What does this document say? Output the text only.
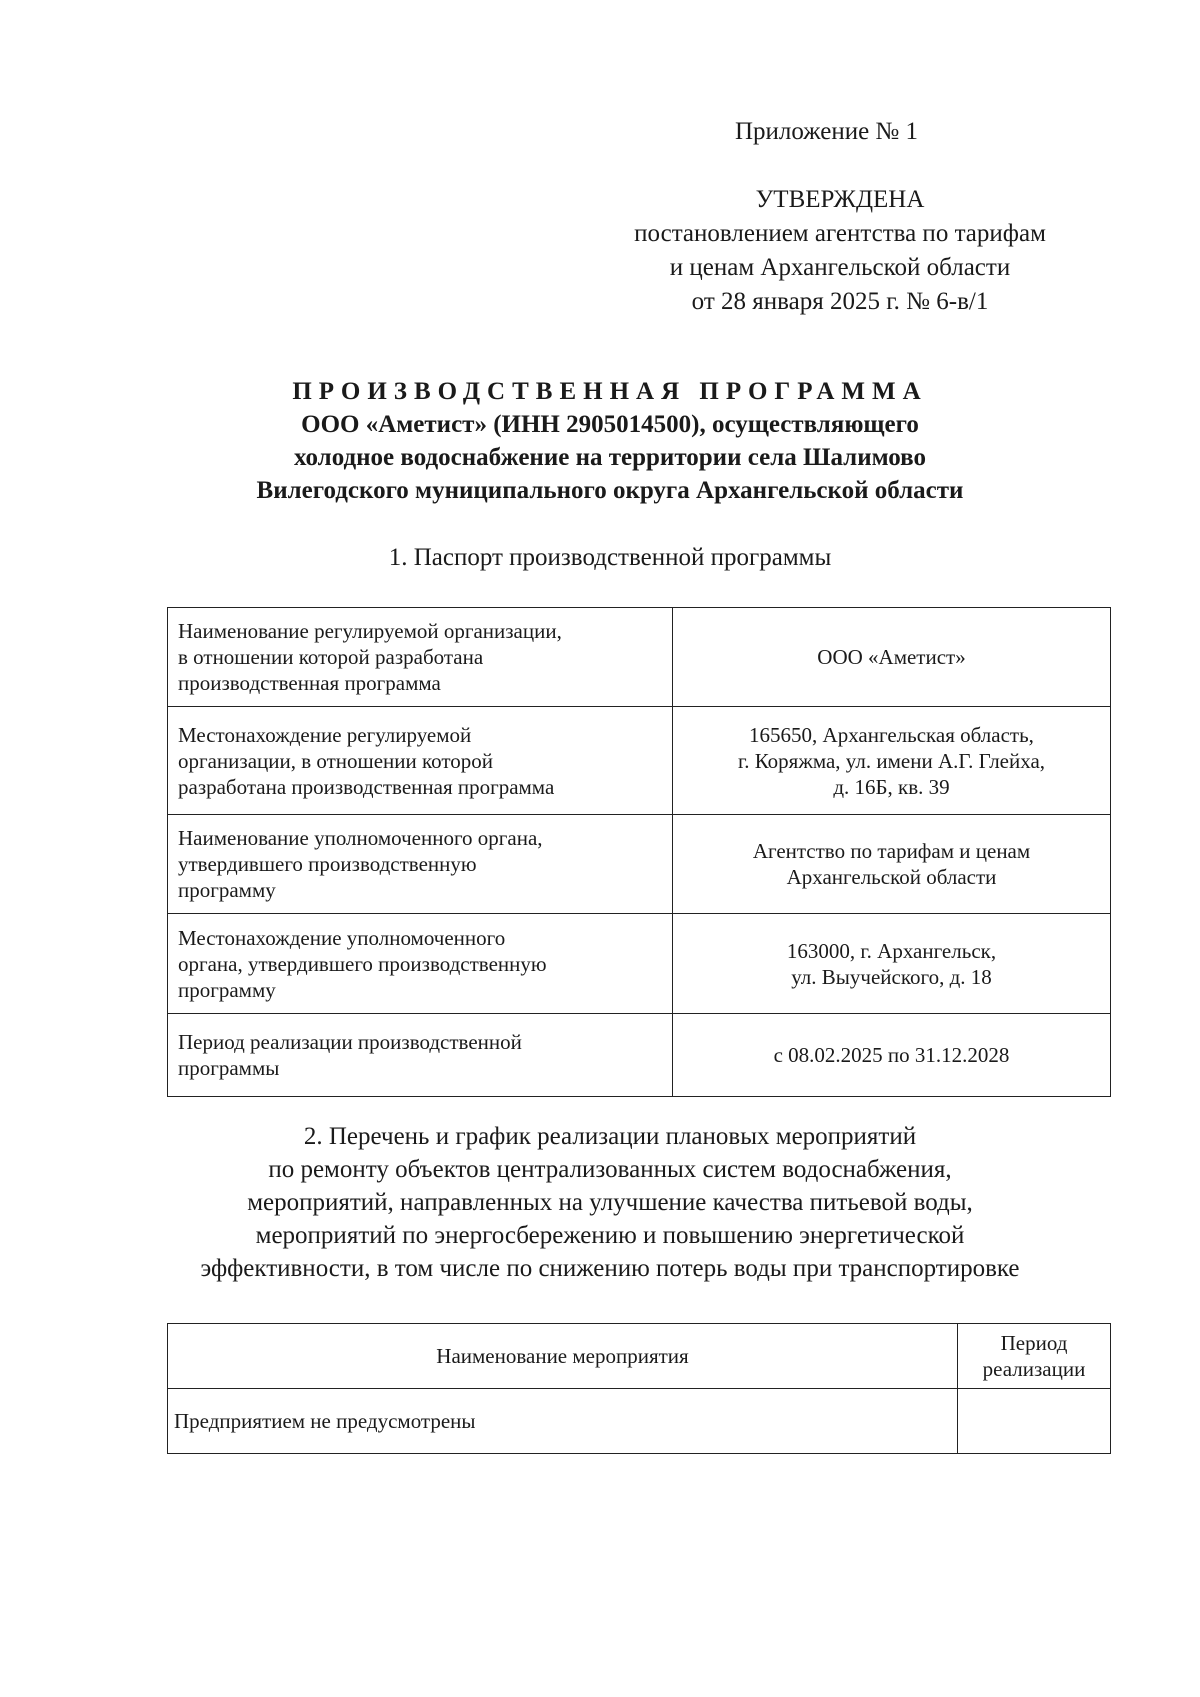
Приложение № 1
УТВЕРЖДЕНА
постановлением агентства по тарифам
и ценам Архангельской области
от 28 января 2025 г. № 6-в/1
ПРОИЗВОДСТВЕННАЯ ПРОГРАММА
ООО «Аметист» (ИНН 2905014500), осуществляющего
холодное водоснабжение на территории села Шалимово
Вилегодского муниципального округа Архангельской области
1. Паспорт производственной программы
Наименование регулируемой организации,
в отношении которой разработана
производственная программа	ООО «Аметист»

Местонахождение регулируемой
организации, в отношении которой
разработана производственная программа	165650, Архангельская область,
г. Коряжма, ул. имени А.Г. Глейха,
д. 16Б, кв. 39

Наименование уполномоченного органа,
утвердившего производственную
программу	Агентство по тарифам и ценам
Архангельской области

Местонахождение уполномоченного
органа, утвердившего производственную
программу	163000, г. Архангельск,
ул. Выучейского, д. 18

Период реализации производственной
программы	с 08.02.2025 по 31.12.2028
2. Перечень и график реализации плановых мероприятий
по ремонту объектов централизованных систем водоснабжения,
мероприятий, направленных на улучшение качества питьевой воды,
мероприятий по энергосбережению и повышению энергетической
эффективности, в том числе по снижению потерь воды при транспортировке
Наименование мероприятия	Период
реализации

Предприятием не предусмотрены	
